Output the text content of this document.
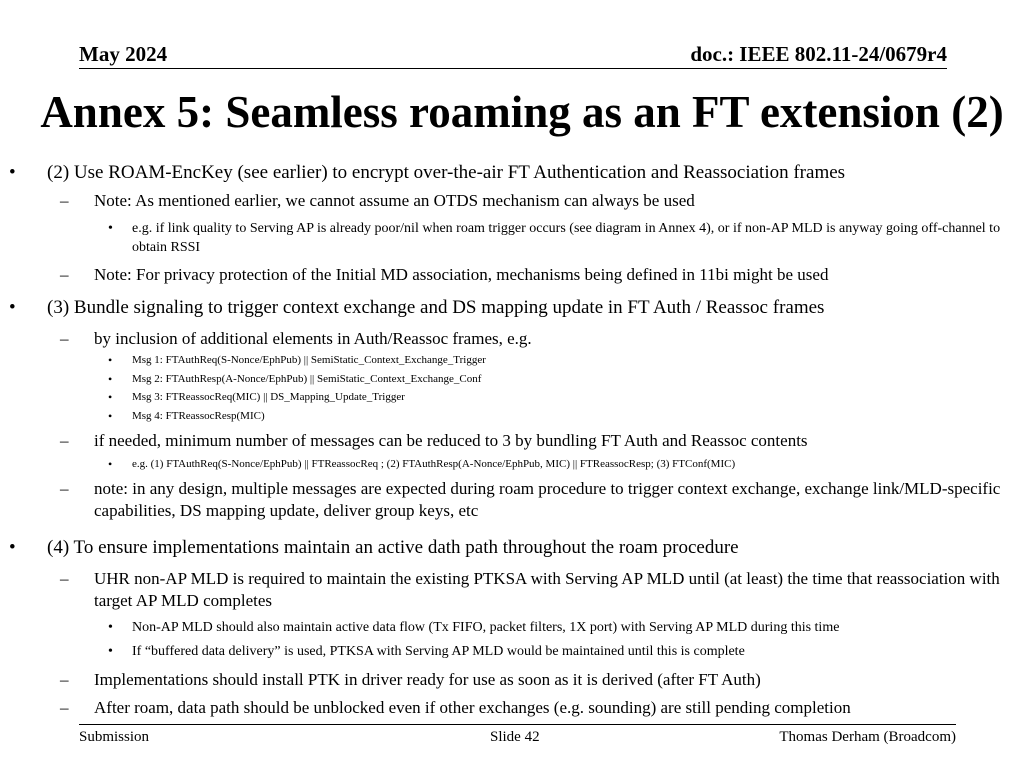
May 2024	doc.: IEEE 802.11-24/0679r4
Annex 5: Seamless roaming as an FT extension (2)
• (2) Use ROAM-EncKey (see earlier) to encrypt over-the-air FT Authentication and Reassociation frames
– Note: As mentioned earlier, we cannot assume an OTDS mechanism can always be used
• e.g. if link quality to Serving AP is already poor/nil when roam trigger occurs (see diagram in Annex 4), or if non-AP MLD is anyway going off-channel to obtain RSSI
– Note: For privacy protection of the Initial MD association, mechanisms being defined in 11bi might be used
• (3) Bundle signaling to trigger context exchange and DS mapping update in FT Auth / Reassoc frames
– by inclusion of additional elements in Auth/Reassoc frames, e.g.
• Msg 1: FTAuthReq(S-Nonce/EphPub) || SemiStatic_Context_Exchange_Trigger
• Msg 2: FTAuthResp(A-Nonce/EphPub) || SemiStatic_Context_Exchange_Conf
• Msg 3: FTReassocReq(MIC) || DS_Mapping_Update_Trigger
• Msg 4: FTReassocResp(MIC)
– if needed, minimum number of messages can be reduced to 3 by bundling FT Auth and Reassoc contents
• e.g. (1) FTAuthReq(S-Nonce/EphPub) || FTReassocReq ; (2) FTAuthResp(A-Nonce/EphPub, MIC) || FTReassocResp; (3) FTConf(MIC)
– note: in any design, multiple messages are expected during roam procedure to trigger context exchange, exchange link/MLD-specific capabilities, DS mapping update, deliver group keys, etc
• (4) To ensure implementations maintain an active dath path throughout the roam procedure
– UHR non-AP MLD is required to maintain the existing PTKSA with Serving AP MLD until (at least) the time that reassociation with target AP MLD completes
• Non-AP MLD should also maintain active data flow (Tx FIFO, packet filters, 1X port) with Serving AP MLD during this time
• If “buffered data delivery” is used, PTKSA with Serving AP MLD would be maintained until this is complete
– Implementations should install PTK in driver ready for use as soon as it is derived (after FT Auth)
– After roam, data path should be unblocked even if other exchanges (e.g. sounding) are still pending completion
Submission	Slide 42	Thomas Derham (Broadcom)
